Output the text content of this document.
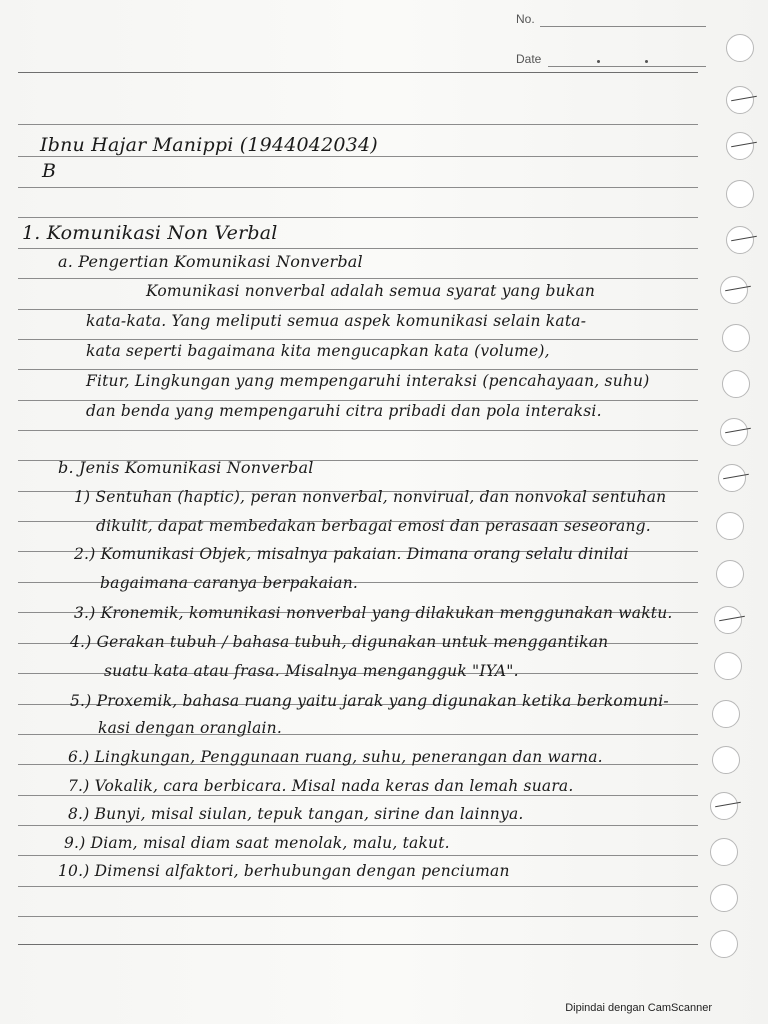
No.
Date
Ibnu Hajar Manippi (1944042034)
B
1. Komunikasi Non Verbal
a. Pengertian Komunikasi Nonverbal
Komunikasi nonverbal adalah semua syarat yang bukan
kata-kata. Yang meliputi semua aspek komunikasi selain kata-
kata seperti bagaimana kita mengucapkan kata (volume),
Fitur, Lingkungan yang mempengaruhi interaksi (pencahayaan, suhu)
dan benda yang mempengaruhi citra pribadi dan pola interaksi.
b. Jenis Komunikasi Nonverbal
1) Sentuhan (haptic), peran nonverbal, nonvirual, dan nonvokal sentuhan
dikulit, dapat membedakan berbagai emosi dan perasaan seseorang.
2.) Komunikasi Objek, misalnya pakaian. Dimana orang selalu dinilai
bagaimana caranya berpakaian.
3.) Kronemik, komunikasi nonverbal yang dilakukan menggunakan waktu.
4.) Gerakan tubuh / bahasa tubuh, digunakan untuk menggantikan
suatu kata atau frasa. Misalnya mengangguk "IYA".
5.) Proxemik, bahasa ruang yaitu jarak yang digunakan ketika berkomuni-
kasi dengan oranglain.
6.) Lingkungan, Penggunaan ruang, suhu, penerangan dan warna.
7.) Vokalik, cara berbicara. Misal nada keras dan lemah suara.
8.) Bunyi, misal siulan, tepuk tangan, sirine dan lainnya.
9.) Diam, misal diam saat menolak, malu, takut.
10.) Dimensi alfaktori, berhubungan dengan penciuman
Dipindai dengan CamScanner
